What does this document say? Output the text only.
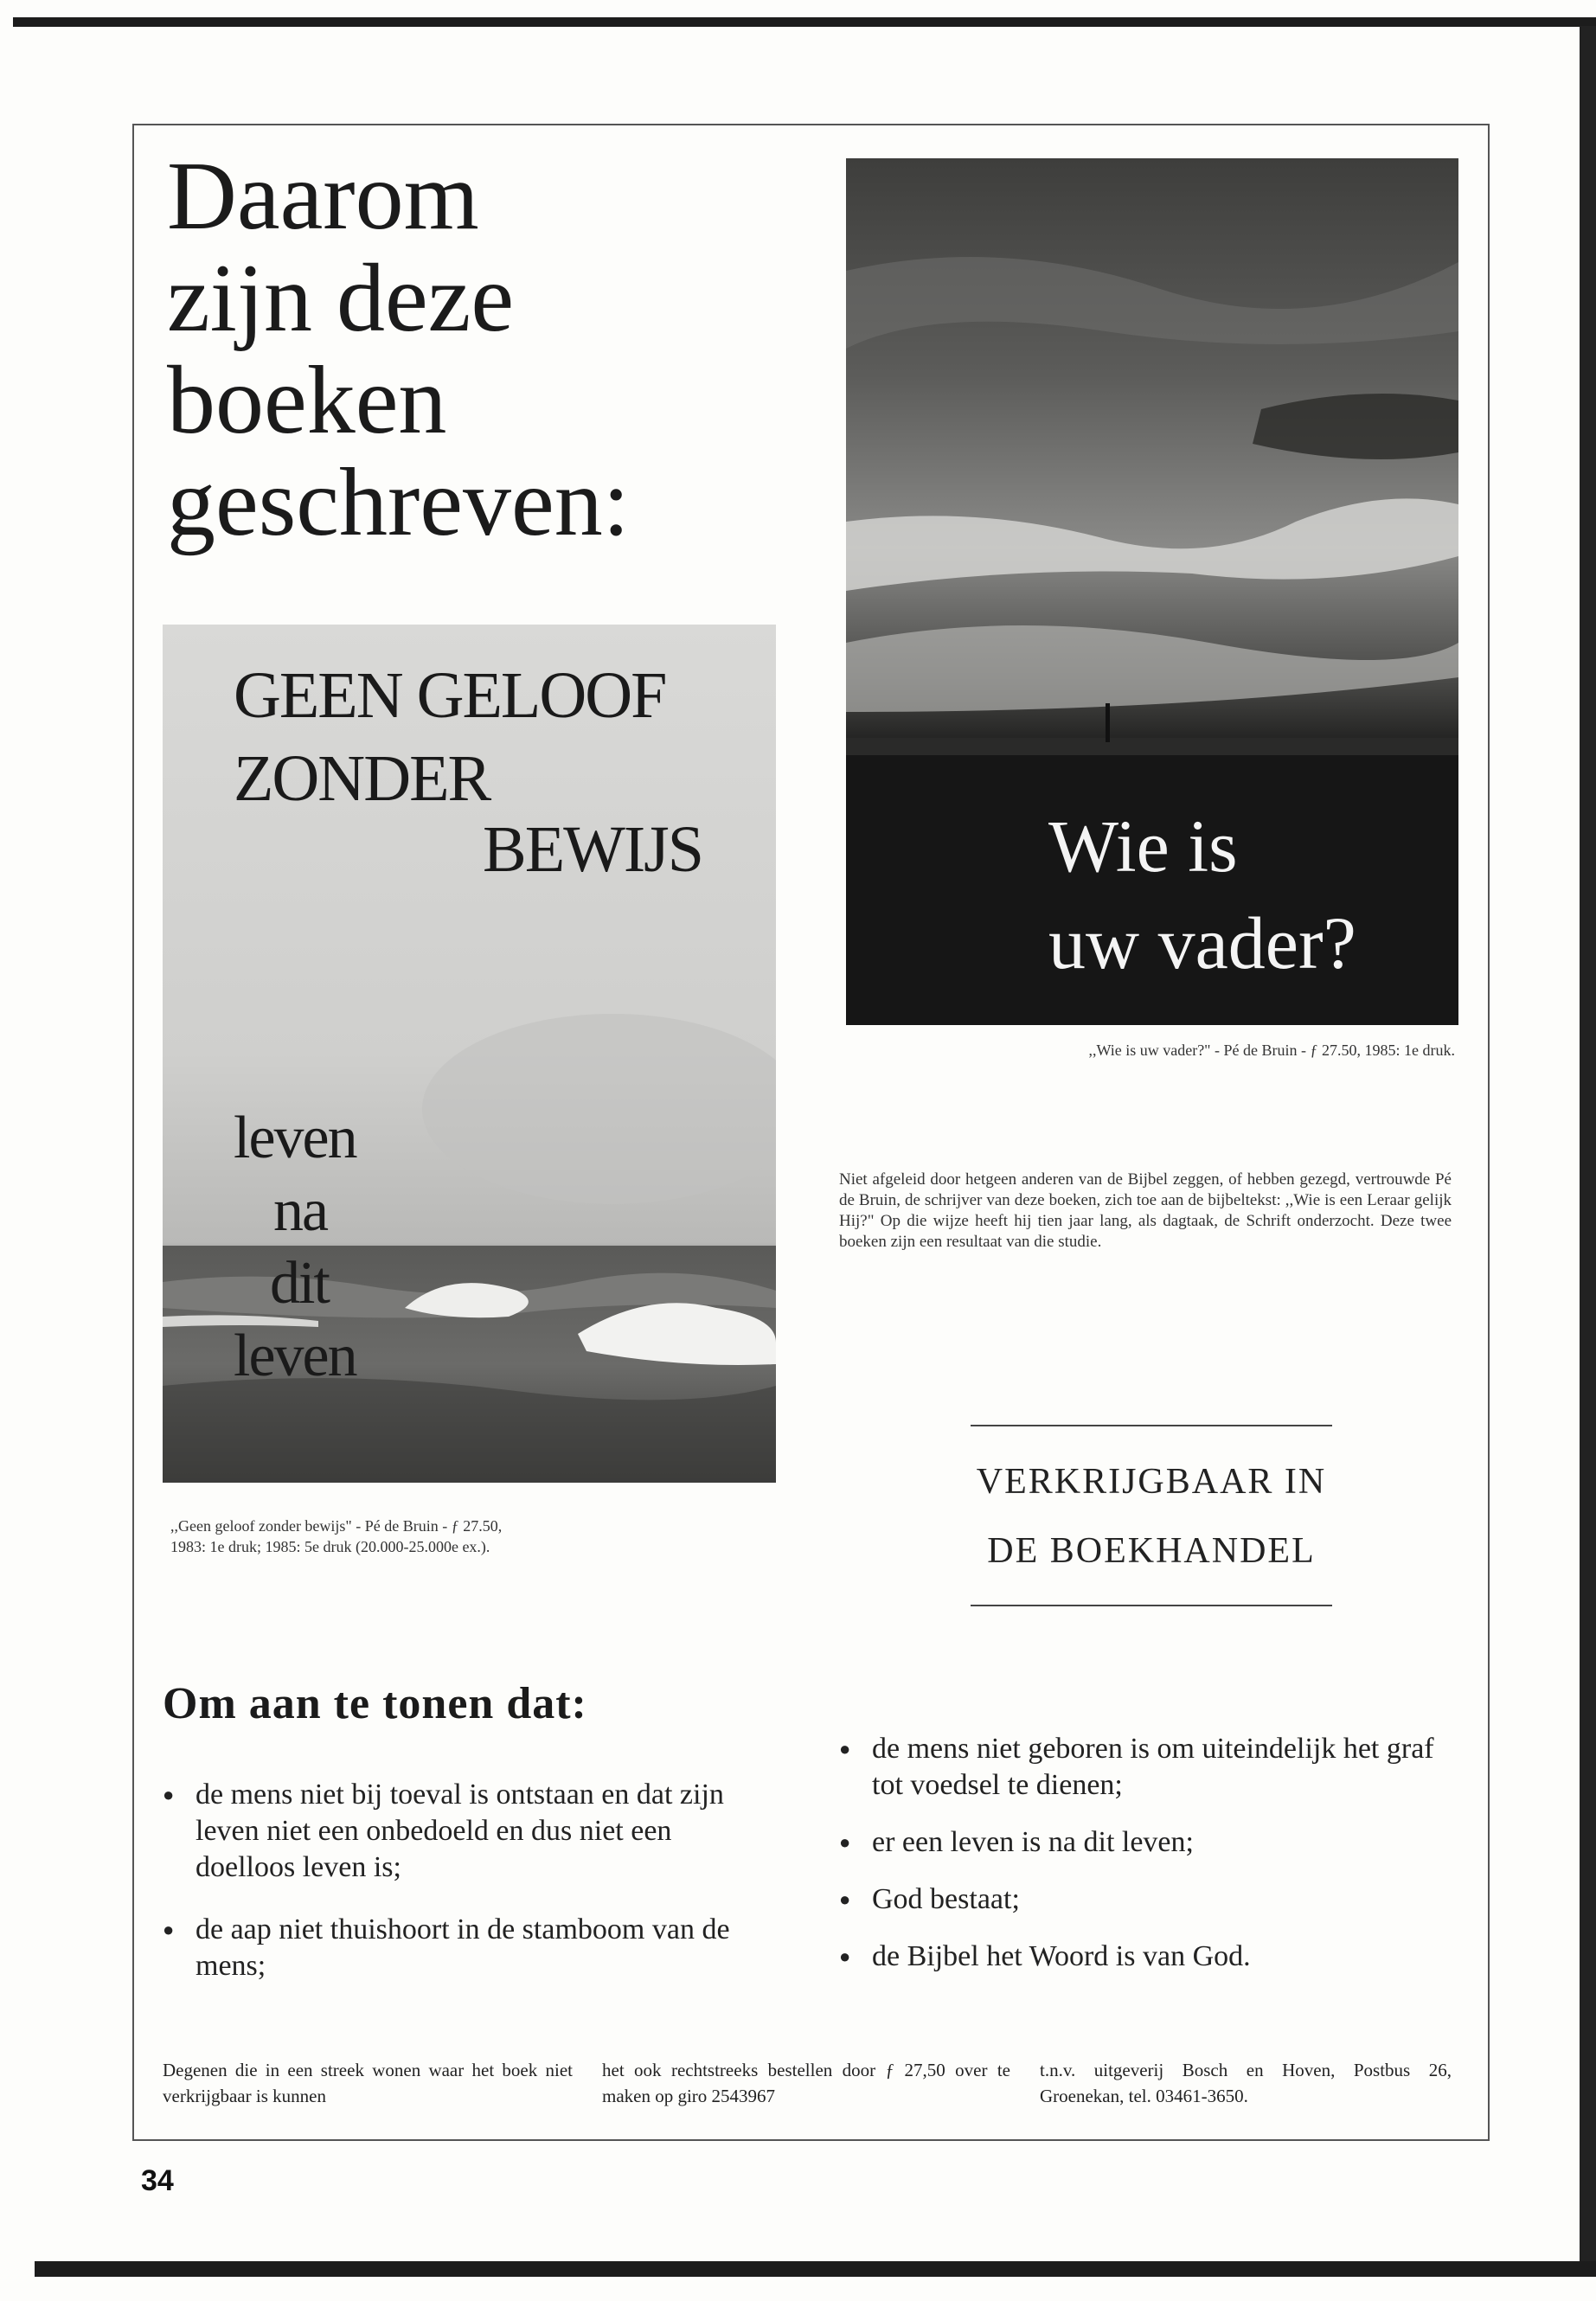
Daarom
zijn deze
boeken
geschreven:
GEEN GELOOF
ZONDER
BEWIJS
leven
na
dit
leven
,,Geen geloof zonder bewijs" - Pé de Bruin - ƒ 27.50,
1983: 1e druk; 1985: 5e druk (20.000-25.000e ex.).
Wie is
uw vader?
,,Wie is uw vader?" - Pé de Bruin - ƒ 27.50, 1985: 1e druk.

Niet afgeleid door hetgeen anderen van de Bijbel zeggen, of hebben gezegd, vertrouwde Pé de Bruin, de schrijver van deze boeken, zich toe aan de bijbeltekst: ,,Wie is een Leraar gelijk Hij?" Op die wijze heeft hij tien jaar lang, als dagtaak, de Schrift onderzocht. Deze twee boeken zijn een resultaat van die studie.

VERKRIJGBAAR IN
DE BOEKHANDEL
Om aan te tonen dat:
● de mens niet bij toeval is ontstaan en dat zijn leven niet een onbedoeld en dus niet een doelloos leven is;
● de aap niet thuishoort in de stamboom van de mens;
● de mens niet geboren is om uiteindelijk het graf tot voedsel te dienen;
● er een leven is na dit leven;
● God bestaat;
● de Bijbel het Woord is van God.
Degenen die in een streek wonen waar het boek niet verkrijgbaar is kunnen
het ook rechtstreeks bestellen door ƒ 27,50 over te maken op giro 2543967
t.n.v. uitgeverij Bosch en Hoven, Postbus 26, Groenekan, tel. 03461-3650.
34
